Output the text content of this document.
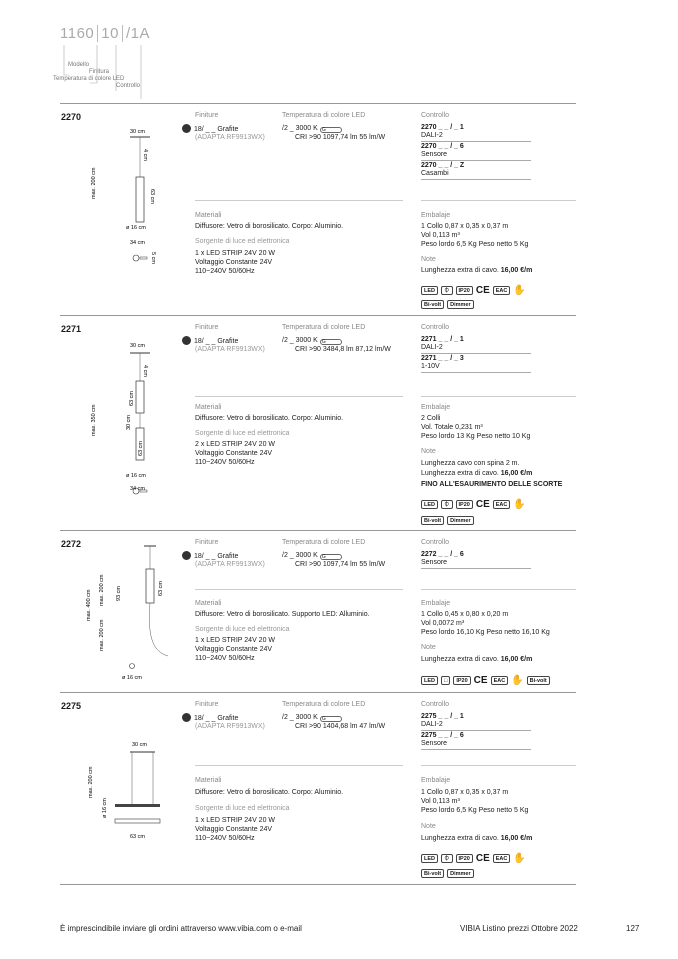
1160 10 /1A
Modello
Finitura
Temperatura di colore LED
Controllo
2270	Finiture	Temperatura di colore LED	Controllo
18/ _ _ Grafite
(ADAPTA RF9913WX)
/2 _ 3000 K G
CRI >90 1097,74 lm 55 lm/W
2270 _ _ / _ 1
DALI-2
2270 _ _ / _ 6
Sensore
2270 _ _ / _ Z
Casambi
Materiali
Diffusore: Vetro di borosilicato. Corpo: Aluminio.
Sorgente di luce ed elettronica
1 x LED STRIP 24V 20 W
Voltaggio Constante 24V
110~240V 50/60Hz
Embalaje
1 Collo 0,87 x 0,35 x 0,37 m
Vol 0,113 m³
Peso lordo 6,5 Kg Peso netto 5 Kg
Note
Lunghezza extra di cavo. 16,00 €/m
LED ⏀ IP20 CE EAC ✋
Bi-volt Dimmer
30 cm
4 cm
max. 200 cm	63 cm
ø 16 cm
34 cm
5 cm
2271	Finiture	Temperatura di colore LED	Controllo
18/ _ _ Grafite
(ADAPTA RF9913WX)
/2 _ 3000 K G
CRI >90 3484,8 lm 87,12 lm/W
2271 _ _ / _ 1
DALI-2
2271 _ _ / _ 3
1-10V
Materiali
Diffusore: Vetro di borosilicato. Corpo: Aluminio.
Sorgente di luce ed elettronica
2 x LED STRIP 24V 20 W
Voltaggio Constante 24V
110~240V 50/60Hz
Embalaje
2 Colli
Vol. Totale 0,231 m³
Peso lordo 13 Kg Peso netto 10 Kg
Note
Lunghezza cavo con spina 2 m.
Lunghezza extra di cavo. 16,00 €/m
FINO ALL'ESAURIMENTO DELLE SCORTE
LED ⏀ IP20 CE EAC ✋
Bi-volt Dimmer
30 cm
4 cm
max. 350 cm
63 cm
63 cm
30 cm
ø 16 cm
34 cm
2272	Finiture	Temperatura di colore LED	Controllo
18/ _ _ Grafite
(ADAPTA RF9913WX)
/2 _ 3000 K G
CRI >90 1097,74 lm 55 lm/W
2272 _ _ / _ 6
Sensore
Materiali
Diffusore: Vetro di borosilicato. Supporto LED: Alluminio.
Sorgente di luce ed elettronica
1 x LED STRIP 24V 20 W
Voltaggio Constante 24V
110~240V 50/60Hz
Embalaje
1 Collo 0,45 x 0,80 x 0,20 m
Vol 0,0072 m³
Peso lordo 16,10 Kg Peso netto 16,10 Kg
Note
Lunghezza extra di cavo. 16,00 €/m
LED □ IP20 CE EAC ✋ Bi-volt
max. 400 cm max. 200 cm
max. 200 cm
93 cm	63 cm
ø 16 cm
2275	Finiture	Temperatura di colore LED	Controllo
18/ _ _ Grafite
(ADAPTA RF9913WX)
/2 _ 3000 K G
CRI >90 1404,68 lm 47 lm/W
2275 _ _ / _ 1
DALI-2
2275 _ _ / _ 6
Sensore
Materiali
Diffusore: Vetro di borosilicato. Corpo: Aluminio.
Sorgente di luce ed elettronica
1 x LED STRIP 24V 20 W
Voltaggio Constante 24V
110~240V 50/60Hz
Embalaje
1 Collo 0,87 x 0,35 x 0,37 m
Vol 0,113 m³
Peso lordo 6,5 Kg Peso netto 5 Kg
Note
Lunghezza extra di cavo. 16,00 €/m
LED ⏀ IP20 CE EAC ✋
Bi-volt Dimmer
30 cm
max. 200 cm
ø 16 cm
63 cm
È imprescindibile inviare gli ordini attraverso www.vibia.com o e-mail	VIBIA Listino prezzi Ottobre 2022	127
